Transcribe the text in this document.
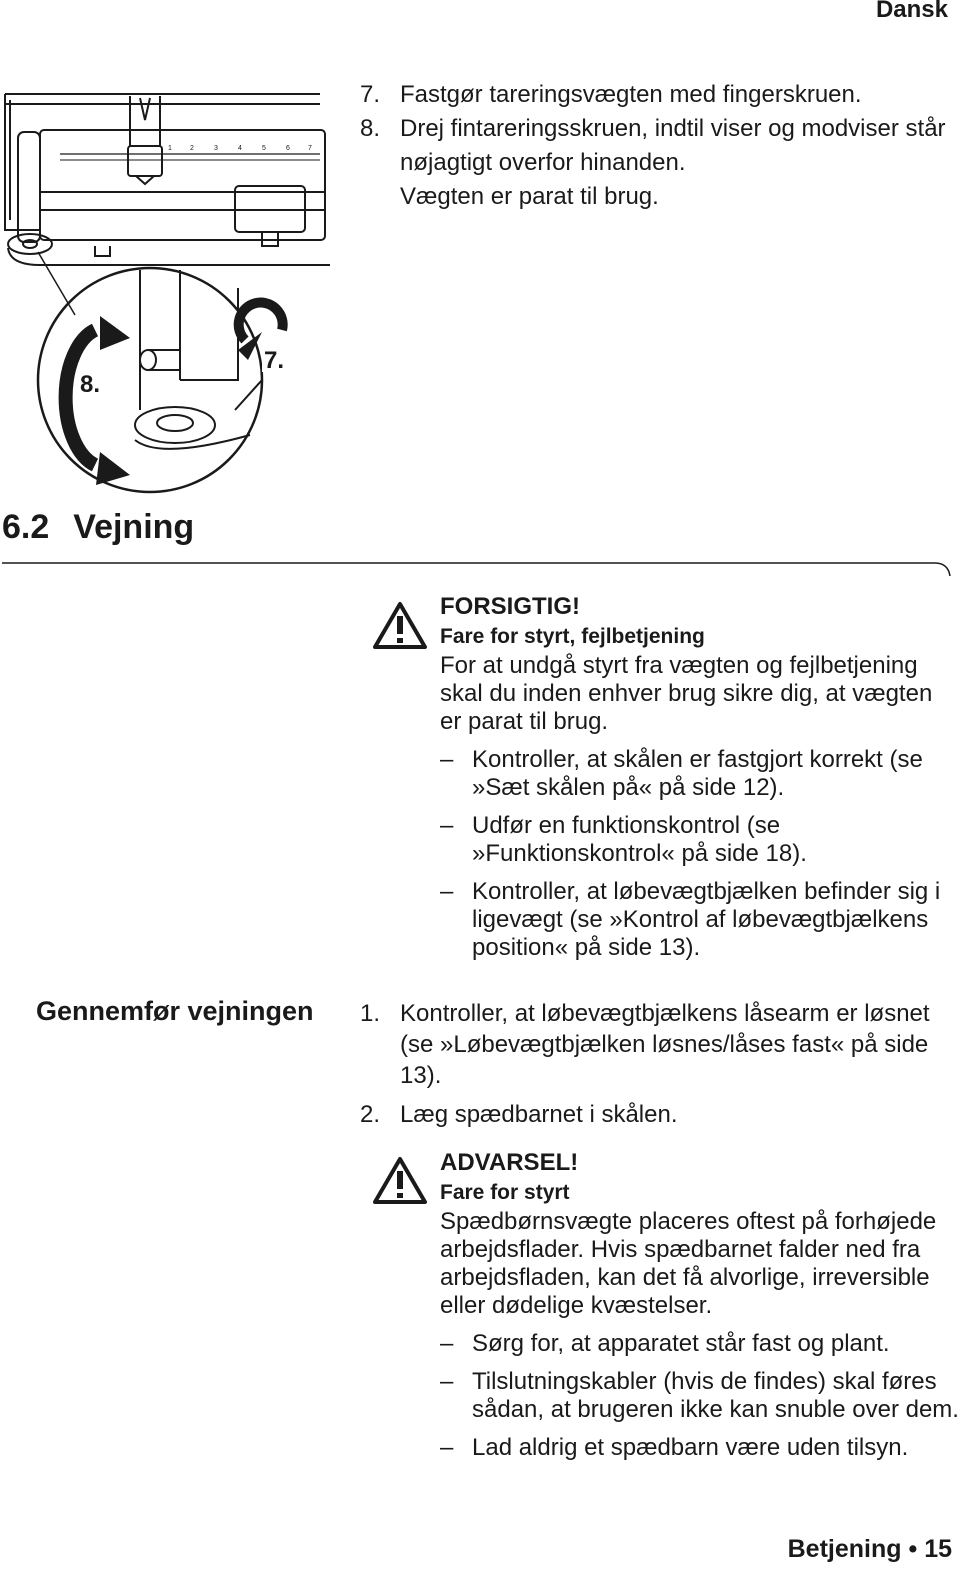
Dansk
7.
8.
1	2	3	4	5	6	7
7. Fastgør tareringsvægten med fingerskruen.
8. Drej fintareringsskruen, indtil viser og modviser står nøjagtigt overfor hinanden.
Vægten er parat til brug.
6.2 Vejning
FORSIGTIG!
Fare for styrt, fejlbetjening
For at undgå styrt fra vægten og fejlbetjening skal du inden enhver brug sikre dig, at vægten er parat til brug.
– Kontroller, at skålen er fastgjort korrekt (se »Sæt skålen på« på side 12).
– Udfør en funktionskontrol (se »Funktionskontrol« på side 18).
– Kontroller, at løbevægtbjælken befinder sig i ligevægt (se »Kontrol af løbevægtbjælkens position« på side 13).
Gennemfør vejningen 1. Kontroller, at løbevægtbjælkens låsearm er løsnet (se »Løbevægtbjælken løsnes/låses fast« på side 13).
2. Læg spædbarnet i skålen.
ADVARSEL!
Fare for styrt
Spædbørnsvægte placeres oftest på forhøjede arbejdsflader. Hvis spædbarnet falder ned fra arbejdsfladen, kan det få alvorlige, irreversible eller dødelige kvæstelser.
– Sørg for, at apparatet står fast og plant.
– Tilslutningskabler (hvis de findes) skal føres sådan, at brugeren ikke kan snuble over dem.
– Lad aldrig et spædbarn være uden tilsyn.
Betjening • 15
